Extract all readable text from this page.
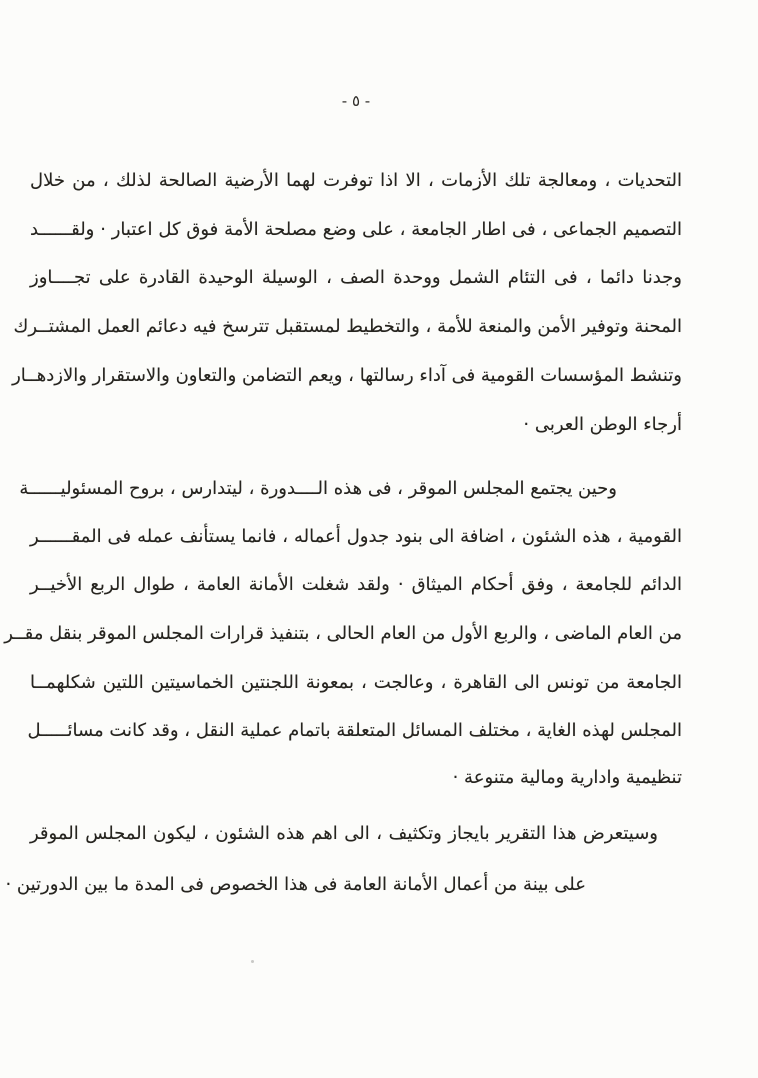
- ٥ -
التحديات ، ومعالجة تلك الأزمات ، الا اذا توفرت لهما الأرضية الصالحة لذلك ، من خلال
التصميم الجماعى ، فى اطار الجامعة ، على وضع مصلحة الأمة فوق كل اعتبار · ولقــــــد
وجدنا دائما ، فى التئام الشمل ووحدة الصف ، الوسيلة الوحيدة القادرة على تجــــاوز
المحنة وتوفير الأمن والمنعة للأمة ، والتخطيط لمستقبل تترسخ فيه دعائم العمل المشتــرك
وتنشط المؤسسات القومية فى آداء رسالتها ، ويعم التضامن والتعاون والاستقرار والازدهــار
أرجاء الوطن العربى ·
وحين يجتمع المجلس الموقر ، فى هذه الــــدورة ، ليتدارس ، بروح المسئوليــــــة
القومية ، هذه الشئون ، اضافة الى بنود جدول أعماله ، فانما يستأنف عمله فى المقــــــر
الدائم للجامعة ، وفق أحكام الميثاق · ولقد شغلت الأمانة العامة ، طوال الربع الأخيــر
من العام الماضى ، والربع الأول من العام الحالى ، بتنفيذ قرارات المجلس الموقر بنقل مقــر
الجامعة من تونس الى القاهرة ، وعالجت ، بمعونة اللجنتين الخماسيتين اللتين شكلهمــا
المجلس لهذه الغاية ، مختلف المسائل المتعلقة باتمام عملية النقل ، وقد كانت مسائـــــل
تنظيمية وادارية ومالية متنوعة ·
وسيتعرض هذا التقرير بايجاز وتكثيف ، الى اهم هذه الشئون ، ليكون المجلس الموقر
على بينة من أعمال الأمانة العامة فى هذا الخصوص فى المدة ما بين الدورتين ·
